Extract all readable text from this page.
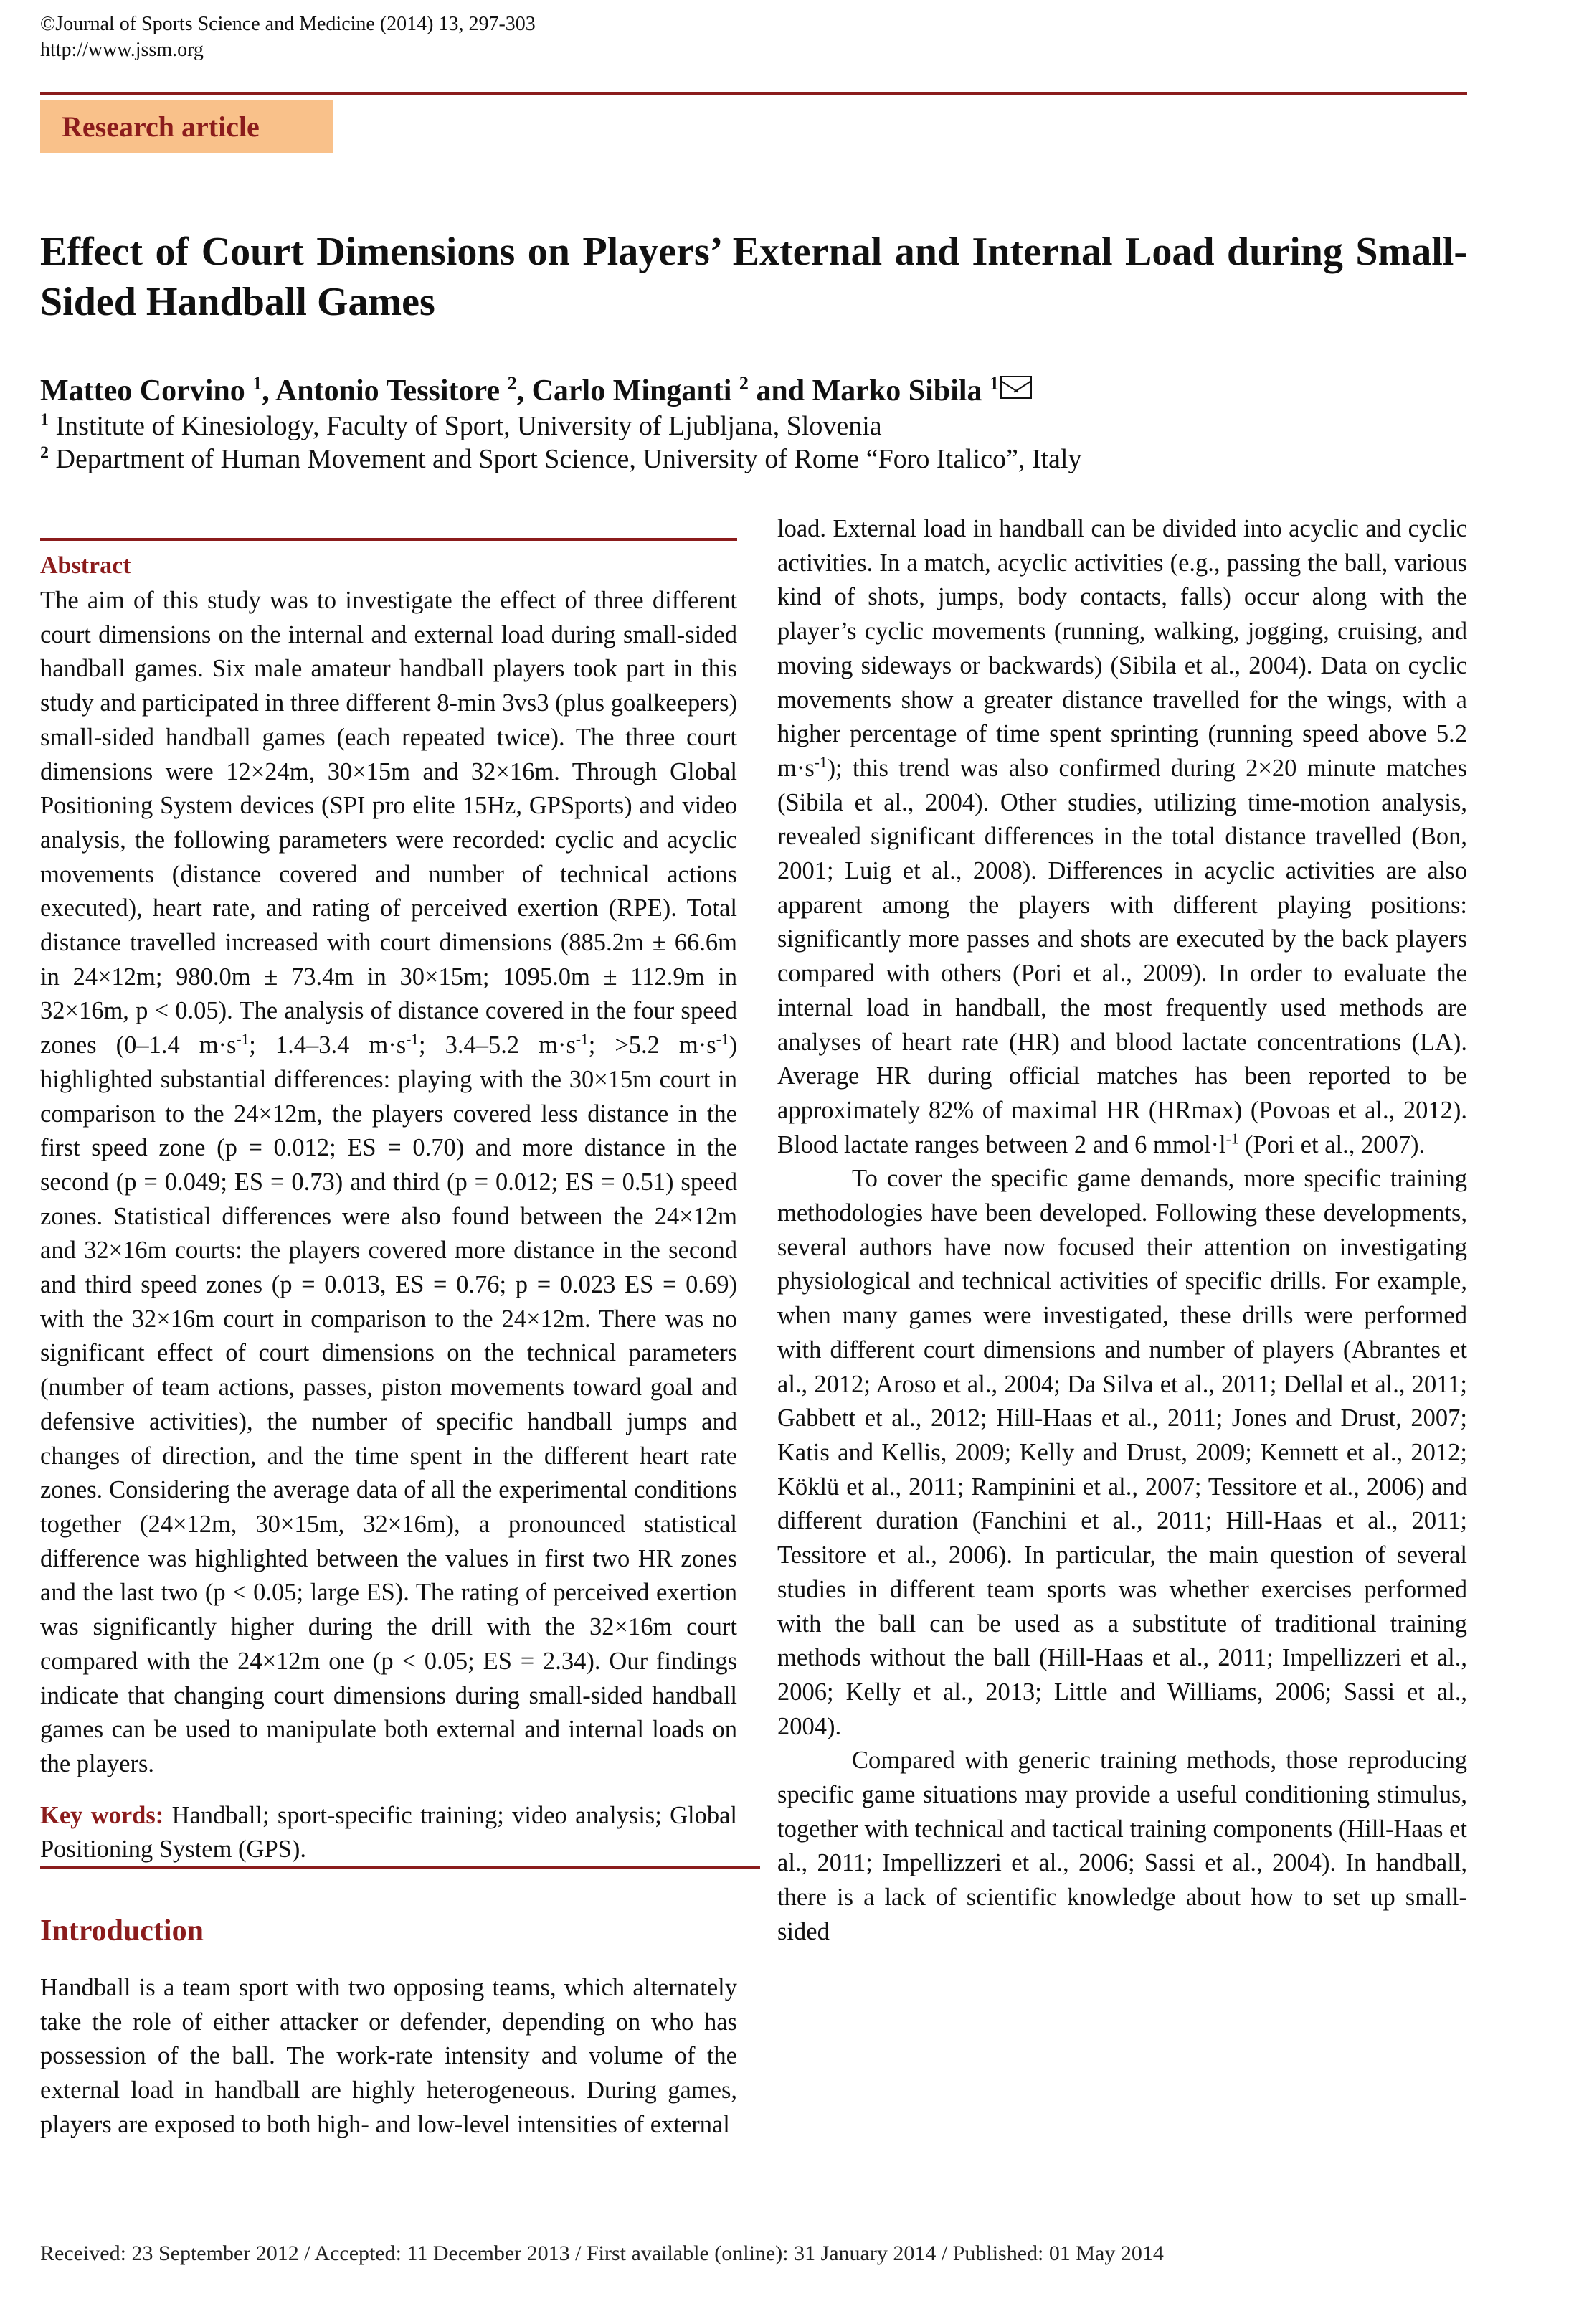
©Journal of Sports Science and Medicine (2014) 13, 297-303
http://www.jssm.org
Research article
Effect of Court Dimensions on Players’ External and Internal Load during Small-Sided Handball Games
Matteo Corvino $^1$, Antonio Tessitore $^2$, Carlo Minganti $^2$ and Marko Sibila $^1$
$^1$ Institute of Kinesiology, Faculty of Sport, University of Ljubljana, Slovenia
$^2$ Department of Human Movement and Sport Science, University of Rome “Foro Italico”, Italy
Abstract

The aim of this study was to investigate the effect of three different court dimensions on the internal and external load during small-sided handball games. Six male amateur handball players took part in this study and participated in three different 8-min 3vs3 (plus goalkeepers) small-sided handball games (each repeated twice). The three court dimensions were 12×24m, 30×15m and 32×16m. Through Global Positioning System devices (SPI pro elite 15Hz, GPSports) and video analysis, the following parameters were recorded: cyclic and acyclic movements (distance covered and number of technical actions executed), heart rate, and rating of perceived exertion (RPE). Total distance travelled increased with court dimensions (885.2m ± 66.6m in 24×12m; 980.0m ± 73.4m in 30×15m; 1095.0m ± 112.9m in 32×16m, p < 0.05). The analysis of distance covered in the four speed zones (0–1.4 $m\cdot s^{-1}$; 1.4–3.4 $m\cdot s^{-1}$; 3.4–5.2 $m\cdot s^{-1}$; >5.2 $m\cdot s^{-1}$) highlighted substantial differences: playing with the 30×15m court in comparison to the 24×12m, the players covered less distance in the first speed zone (p = 0.012; ES = 0.70) and more distance in the second (p = 0.049; ES = 0.73) and third (p = 0.012; ES = 0.51) speed zones. Statistical differences were also found between the 24×12m and 32×16m courts: the players covered more distance in the second and third speed zones (p = 0.013, ES = 0.76; p = 0.023 ES = 0.69) with the 32×16m court in comparison to the 24×12m. There was no significant effect of court dimensions on the technical parameters (number of team actions, passes, piston movements toward goal and defensive activities), the number of specific handball jumps and changes of direction, and the time spent in the different heart rate zones. Considering the average data of all the experimental conditions together (24×12m, 30×15m, 32×16m), a pronounced statistical difference was highlighted between the values in first two HR zones and the last two (p < 0.05; large ES). The rating of perceived exertion was significantly higher during the drill with the 32×16m court compared with the 24×12m one (p < 0.05; ES = 2.34). Our findings indicate that changing court dimensions during small-sided handball games can be used to manipulate both external and internal loads on the players.

Key words: Handball; sport-specific training; video analysis; Global Positioning System (GPS).

Introduction

Handball is a team sport with two opposing teams, which alternately take the role of either attacker or defender, depending on who has possession of the ball. The work-rate intensity and volume of the external load in handball are highly heterogeneous. During games, players are exposed to both high- and low-level intensities of external

load. External load in handball can be divided into acyclic and cyclic activities. In a match, acyclic activities (e.g., passing the ball, various kind of shots, jumps, body contacts, falls) occur along with the player’s cyclic movements (running, walking, jogging, cruising, and moving sideways or backwards) (Sibila et al., 2004). Data on cyclic movements show a greater distance travelled for the wings, with a higher percentage of time spent sprinting (running speed above 5.2 $m\cdot s^{-1}$); this trend was also confirmed during 2×20 minute matches (Sibila et al., 2004). Other studies, utilizing time-motion analysis, revealed significant differences in the total distance travelled (Bon, 2001; Luig et al., 2008). Differences in acyclic activities are also apparent among the players with different playing positions: significantly more passes and shots are executed by the back players compared with others (Pori et al., 2009). In order to evaluate the internal load in handball, the most frequently used methods are analyses of heart rate (HR) and blood lactate concentrations (LA). Average HR during official matches has been reported to be approximately 82% of maximal HR (HRmax) (Povoas et al., 2012). Blood lactate ranges between 2 and 6 $mmol\cdot l^{-1}$ (Pori et al., 2007).

To cover the specific game demands, more specific training methodologies have been developed. Following these developments, several authors have now focused their attention on investigating physiological and technical activities of specific drills. For example, when many games were investigated, these drills were performed with different court dimensions and number of players (Abrantes et al., 2012; Aroso et al., 2004; Da Silva et al., 2011; Dellal et al., 2011; Gabbett et al., 2012; Hill-Haas et al., 2011; Jones and Drust, 2007; Katis and Kellis, 2009; Kelly and Drust, 2009; Kennett et al., 2012; Köklü et al., 2011; Rampinini et al., 2007; Tessitore et al., 2006) and different duration (Fanchini et al., 2011; Hill-Haas et al., 2011; Tessitore et al., 2006). In particular, the main question of several studies in different team sports was whether exercises performed with the ball can be used as a substitute of traditional training methods without the ball (Hill-Haas et al., 2011; Impellizzeri et al., 2006; Kelly et al., 2013; Little and Williams, 2006; Sassi et al., 2004).

Compared with generic training methods, those reproducing specific game situations may provide a useful conditioning stimulus, together with technical and tactical training components (Hill-Haas et al., 2011; Impellizzeri et al., 2006; Sassi et al., 2004). In handball, there is a lack of scientific knowledge about how to set up small-sided

Received: 23 September 2012 / Accepted: 11 December 2013 / First available (online): 31 January 2014 / Published: 01 May 2014
